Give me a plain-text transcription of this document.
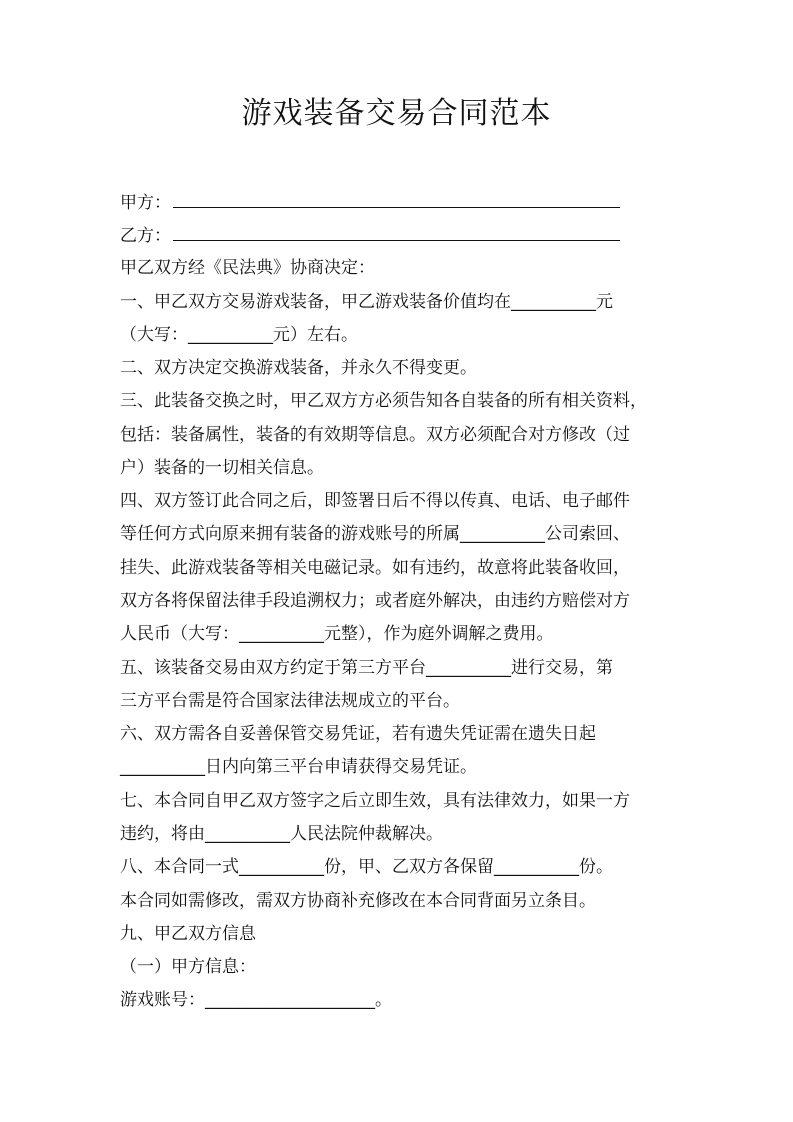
游戏装备交易合同范本
甲方：
乙方：
甲乙双方经《民法典》协商决定：
一、甲乙双方交易游戏装备，甲乙游戏装备价值均在__________元
（大写：__________元）左右。
二、双方决定交换游戏装备，并永久不得变更。
三、此装备交换之时，甲乙双方方必须告知各自装备的所有相关资料，
包括：装备属性，装备的有效期等信息。双方必须配合对方修改（过
户）装备的一切相关信息。
四、双方签订此合同之后，即签署日后不得以传真、电话、电子邮件
等任何方式向原来拥有装备的游戏账号的所属__________公司索回、
挂失、此游戏装备等相关电磁记录。如有违约，故意将此装备收回，
双方各将保留法律手段追溯权力；或者庭外解决，由违约方赔偿对方
人民币（大写：__________元整），作为庭外调解之费用。
五、该装备交易由双方约定于第三方平台__________进行交易，第
三方平台需是符合国家法律法规成立的平台。
六、双方需各自妥善保管交易凭证，若有遗失凭证需在遗失日起
__________日内向第三平台申请获得交易凭证。
七、本合同自甲乙双方签字之后立即生效，具有法律效力，如果一方
违约，将由__________人民法院仲裁解决。
八、本合同一式__________份，甲、乙双方各保留__________份。
本合同如需修改，需双方协商补充修改在本合同背面另立条目。
九、甲乙双方信息
（一）甲方信息：
游戏账号：____________________。
